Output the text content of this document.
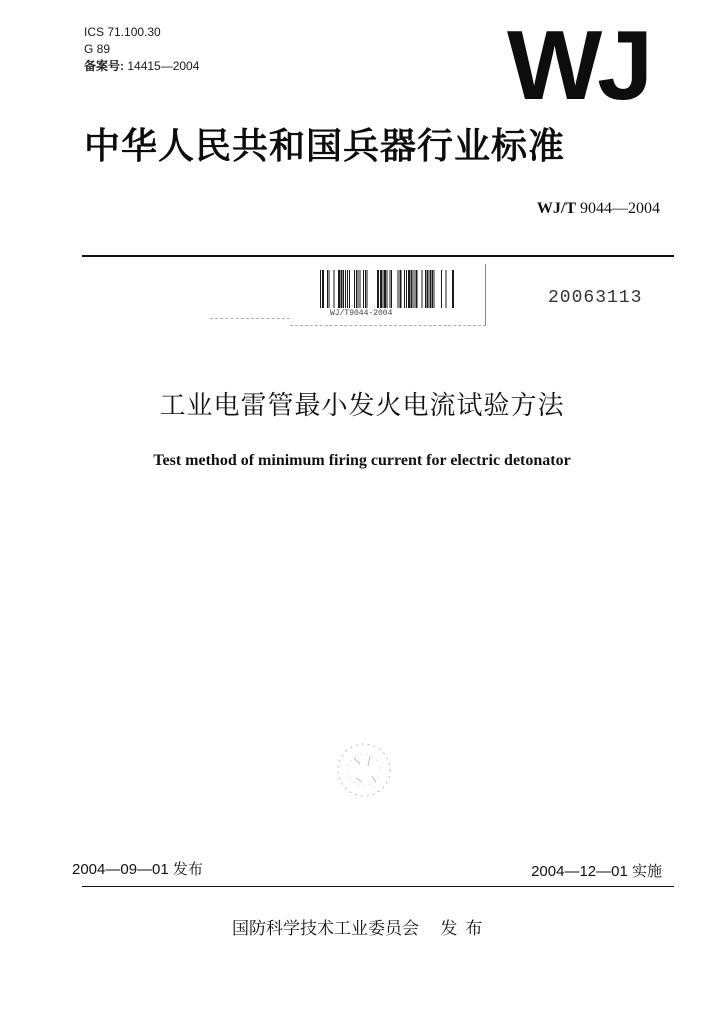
ICS 71.100.30
G 89
备案号: 14415—2004	WJ
中华人民共和国兵器行业标准
WJ/T 9044—2004
WJ/T9044-2004
20063113
工业电雷管最小发火电流试验方法
Test method of minimum firing current for electric detonator
2004—09—01 发布	2004—12—01 实施
国防科学技术工业委员会 发布
